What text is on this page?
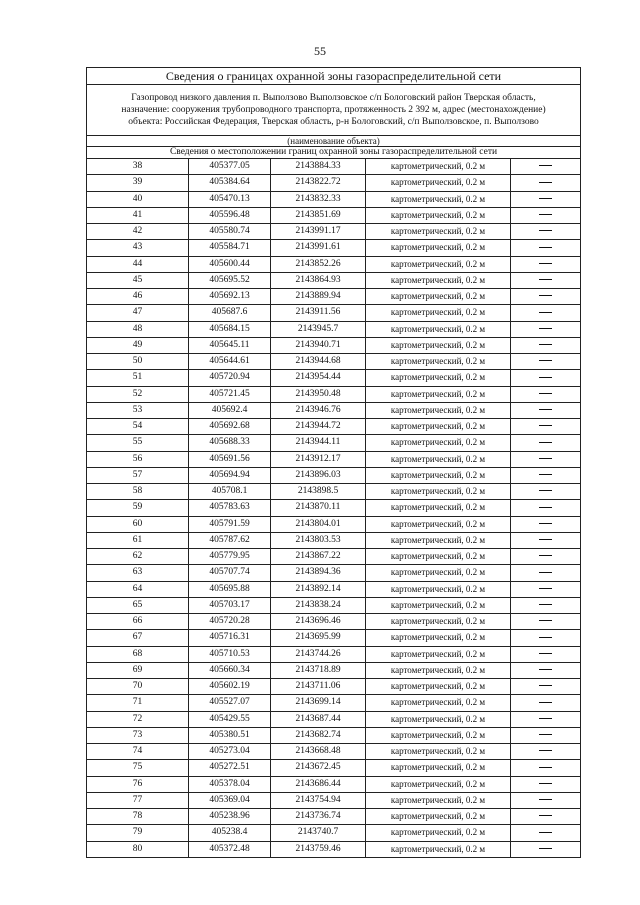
55
Сведения о границах охранной зоны газораспределительной сети				

Газопровод низкого давления п. Выползово Выползовское с/п Бологовский район Тверская область,
назначение: сооружения трубопроводного транспорта, протяженность 2 392 м, адрес (местонахождение)
объекта: Российская Федерация, Тверская область, р-н Бологовский, с/п Выползовское, п. Выползово				

(наименование объекта)				
Сведения о местоположении границ охранной зоны газораспределительной сети				
38	405377.05	2143884.33	картометрический, 0.2 м	
39	405384.64	2143822.72	картометрический, 0.2 м	
40	405470.13	2143832.33	картометрический, 0.2 м	
41	405596.48	2143851.69	картометрический, 0.2 м	
42	405580.74	2143991.17	картометрический, 0.2 м	
43	405584.71	2143991.61	картометрический, 0.2 м	
44	405600.44	2143852.26	картометрический, 0.2 м	
45	405695.52	2143864.93	картометрический, 0.2 м	
46	405692.13	2143889.94	картометрический, 0.2 м	
47	405687.6	2143911.56	картометрический, 0.2 м	
48	405684.15	2143945.7	картометрический, 0.2 м	
49	405645.11	2143940.71	картометрический, 0.2 м	
50	405644.61	2143944.68	картометрический, 0.2 м	
51	405720.94	2143954.44	картометрический, 0.2 м	
52	405721.45	2143950.48	картометрический, 0.2 м	
53	405692.4	2143946.76	картометрический, 0.2 м	
54	405692.68	2143944.72	картометрический, 0.2 м	
55	405688.33	2143944.11	картометрический, 0.2 м	
56	405691.56	2143912.17	картометрический, 0.2 м	
57	405694.94	2143896.03	картометрический, 0.2 м	
58	405708.1	2143898.5	картометрический, 0.2 м	
59	405783.63	2143870.11	картометрический, 0.2 м	
60	405791.59	2143804.01	картометрический, 0.2 м	
61	405787.62	2143803.53	картометрический, 0.2 м	
62	405779.95	2143867.22	картометрический, 0.2 м	
63	405707.74	2143894.36	картометрический, 0.2 м	
64	405695.88	2143892.14	картометрический, 0.2 м	
65	405703.17	2143838.24	картометрический, 0.2 м	
66	405720.28	2143696.46	картометрический, 0.2 м	
67	405716.31	2143695.99	картометрический, 0.2 м	
68	405710.53	2143744.26	картометрический, 0.2 м	
69	405660.34	2143718.89	картометрический, 0.2 м	
70	405602.19	2143711.06	картометрический, 0.2 м	
71	405527.07	2143699.14	картометрический, 0.2 м	
72	405429.55	2143687.44	картометрический, 0.2 м	
73	405380.51	2143682.74	картометрический, 0.2 м	
74	405273.04	2143668.48	картометрический, 0.2 м	
75	405272.51	2143672.45	картометрический, 0.2 м	
76	405378.04	2143686.44	картометрический, 0.2 м	
77	405369.04	2143754.94	картометрический, 0.2 м	
78	405238.96	2143736.74	картометрический, 0.2 м	
79	405238.4	2143740.7	картометрический, 0.2 м	
80	405372.48	2143759.46	картометрический, 0.2 м	
